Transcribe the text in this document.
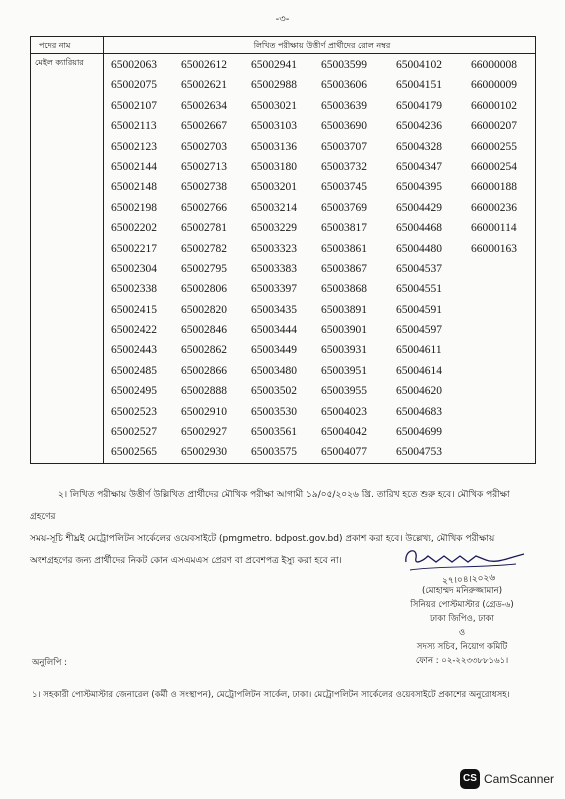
-৩-
পদের নাম	লিখিত পরীক্ষায় উত্তীর্ণ প্রার্থীদের রোল নম্বর
মেইল ক্যারিয়ার 65002063
65002075
65002107
65002113
65002123
65002144
65002148
65002198
65002202
65002217
65002304
65002338
65002415
65002422
65002443
65002485
65002495
65002523
65002527
65002565
65002612
65002621
65002634
65002667
65002703
65002713
65002738
65002766
65002781
65002782
65002795
65002806
65002820
65002846
65002862
65002866
65002888
65002910
65002927
65002930
65002941
65002988
65003021
65003103
65003136
65003180
65003201
65003214
65003229
65003323
65003383
65003397
65003435
65003444
65003449
65003480
65003502
65003530
65003561
65003575
65003599
65003606
65003639
65003690
65003707
65003732
65003745
65003769
65003817
65003861
65003867
65003868
65003891
65003901
65003931
65003951
65003955
65004023
65004042
65004077
65004102
65004151
65004179
65004236
65004328
65004347
65004395
65004429
65004468
65004480
65004537
65004551
65004591
65004597
65004611
65004614
65004620
65004683
65004699
65004753
66000008
66000009
66000102
66000207
66000255
66000254
66000188
66000236
66000114
66000163

২। লিখিত পরীক্ষায় উত্তীর্ণ উল্লিখিত প্রার্থীদের মৌখিক পরীক্ষা আগামী ১৯/০৫/২০২৬ খ্রি. তারিখ হতে শুরু হবে। মৌখিক পরীক্ষা গ্রহণের

সময়-সূচি শীঘ্রই মেট্রোপলিটন সার্কেলের ওয়েবসাইটে (pmgmetro. bdpost.gov.bd) প্রকাশ করা হবে। উল্লেখ্য, মৌখিক পরীক্ষায়

অংশগ্রহণের জন্য প্রার্থীদের নিকট কোন এসএমএস প্রেরণ বা প্রবেশপত্র ইস্যু করা হবে না।

২৭।০৪।২০২৬
(মোহাম্মদ মনিরুজ্জামান)
সিনিয়র পোস্টমাস্টার (গ্রেড-৬)
ঢাকা জিপিও, ঢাকা
ও
সদস্য সচিব, নিয়োগ কমিটি
ফোন : ০২-২২৩৩৮৮১৬১।
অনুলিপি :
১। সহকারী পোস্টমাস্টার জেনারেল (কর্মী ও সংস্থাপন), মেট্রোপলিটন সার্কেল, ঢাকা। মেট্রোপলিটন সার্কেলের ওয়েবসাইটে প্রকাশের অনুরোধসহ।
CS CamScanner
